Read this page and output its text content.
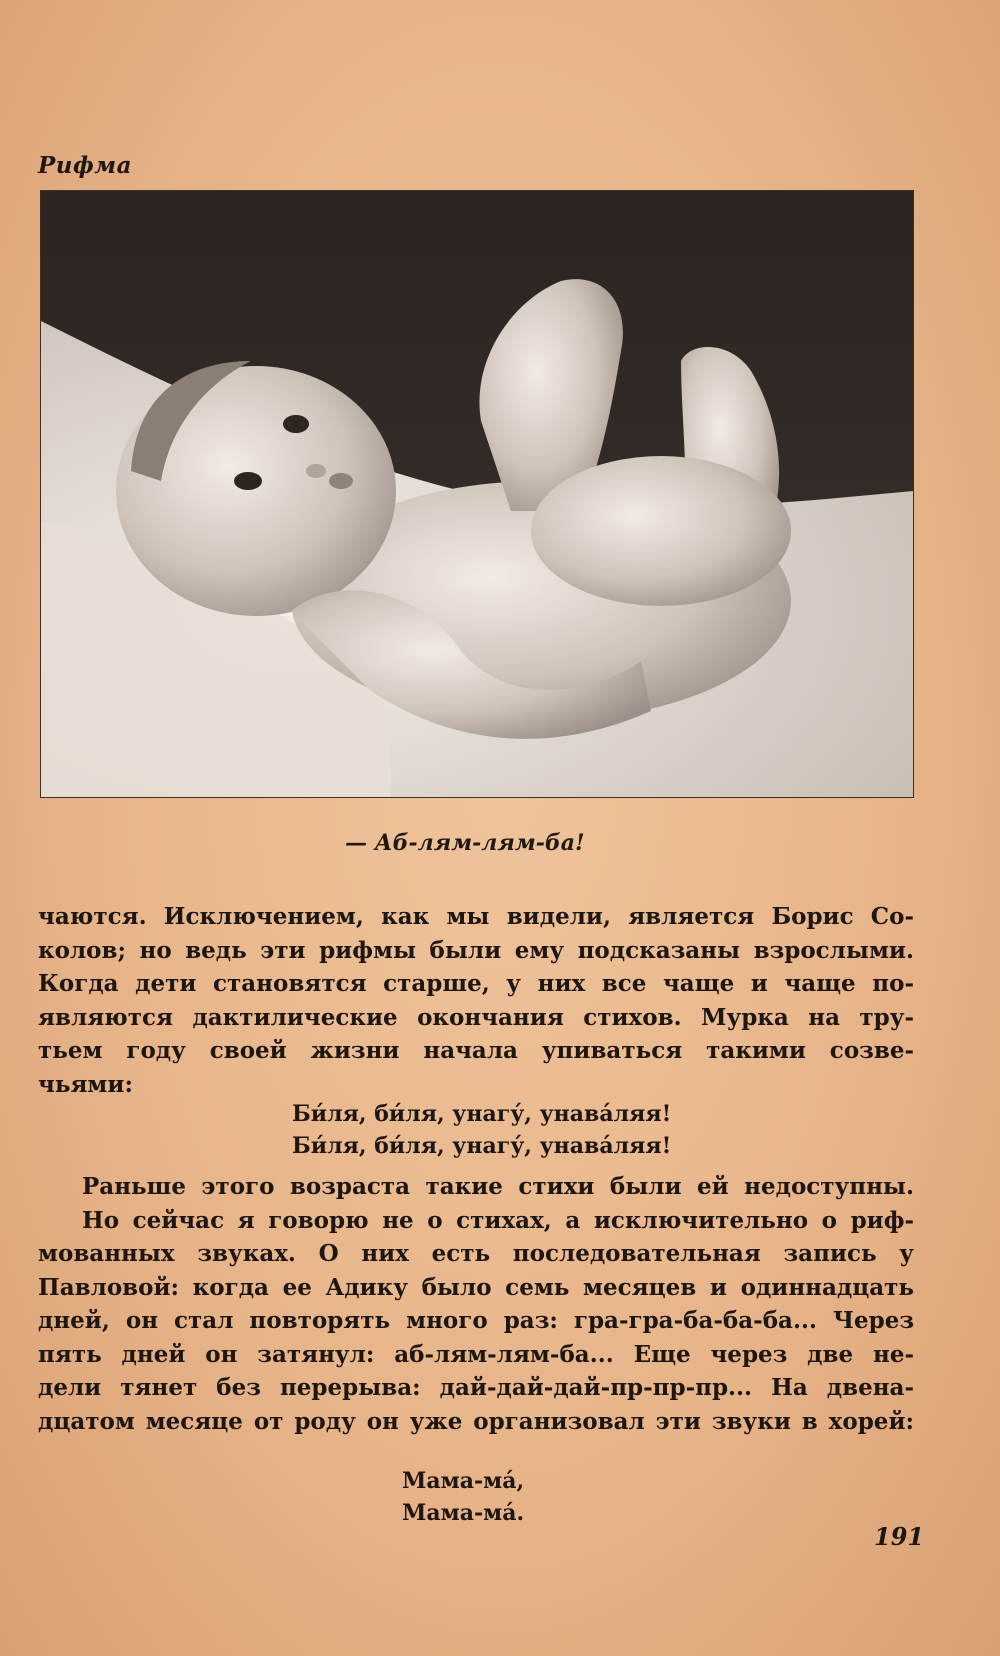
Рифма
— Аб-лям-лям-ба!
чаются. Исключением, как мы видели, является Борис Со-
колов; но ведь эти рифмы были ему подсказаны взрослыми.
Когда дети становятся старше, у них все чаще и чаще по-
являются дактилические окончания стихов. Мурка на тру-
тьем году своей жизни начала упиваться такими созве-
чьями:
Би́ля, би́ля, унагу́, унава́ляя!
Би́ля, би́ля, унагу́, унава́ляя!
Раньше этого возраста такие стихи были ей недоступны.
Но сейчас я говорю не о стихах, а исключительно о риф-
мованных звуках. О них есть последовательная запись у
Павловой: когда ее Адику было семь месяцев и одиннадцать
дней, он стал повторять много раз: гра-гра-ба-ба-ба... Через
пять дней он затянул: аб-лям-лям-ба... Еще через две не-
дели тянет без перерыва: дай-дай-дай-пр-пр-пр... На двена-
дцатом месяце от роду он уже организовал эти звуки в хорей:
Мама-ма́,
Мама-ма́.
191
